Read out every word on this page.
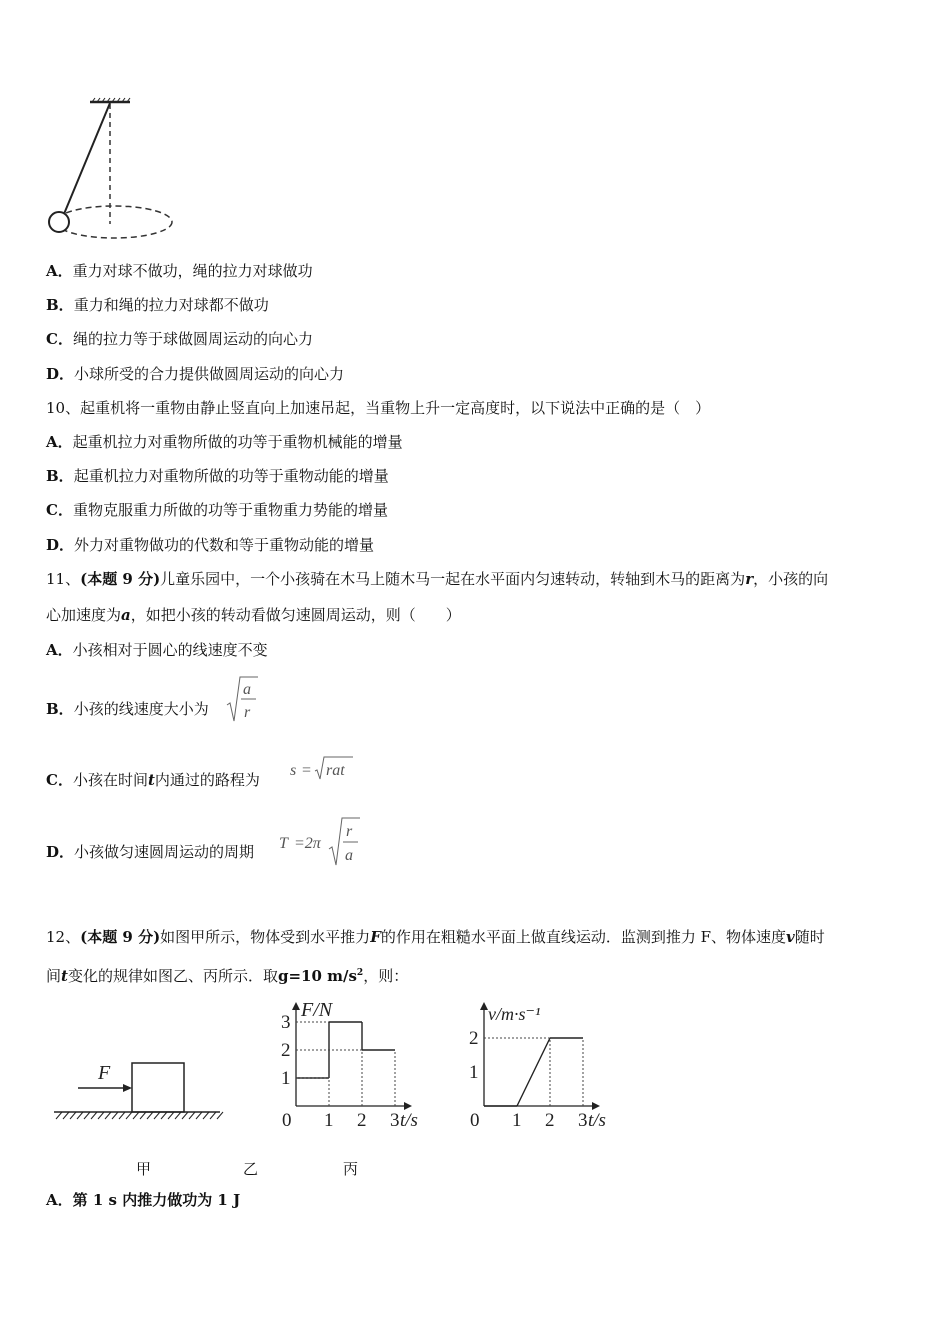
A．重力对球不做功，绳的拉力对球做功
B．重力和绳的拉力对球都不做功
C．绳的拉力等于球做圆周运动的向心力
D．小球所受的合力提供做圆周运动的向心力
10、起重机将一重物由静止竖直向上加速吊起，当重物上升一定高度时，以下说法中正确的是（　）
A．起重机拉力对重物所做的功等于重物机械能的增量
B．起重机拉力对重物所做的功等于重物动能的增量
C．重物克服重力所做的功等于重物重力势能的增量
D．外力对重物做功的代数和等于重物动能的增量
11、(本题 9 分)儿童乐园中，一个小孩骑在木马上随木马一起在水平面内匀速转动，转轴到木马的距离为r，小孩的向
心加速度为a，如把小孩的转动看做匀速圆周运动，则（　　）
A．小孩相对于圆心的线速度不变
B．小孩的线速度大小为
a
r
C．小孩在时间t内通过的路程为
s = rat
D．小孩做匀速圆周运动的周期 T =2π
r
a
12、(本题 9 分)如图甲所示，物体受到水平推力F的作用在粗糙水平面上做直线运动．监测到推力 F、物体速度v随时
间t变化的规律如图乙、丙所示．取g=10 $m/s^2$，则：
F
F/N
t/s
0 1 2 3
1
2
3	v/m·s⁻¹
t/s
0 1 2 3
1
2
甲	乙	丙
A．第 1 s 内推力做功为 1 J
